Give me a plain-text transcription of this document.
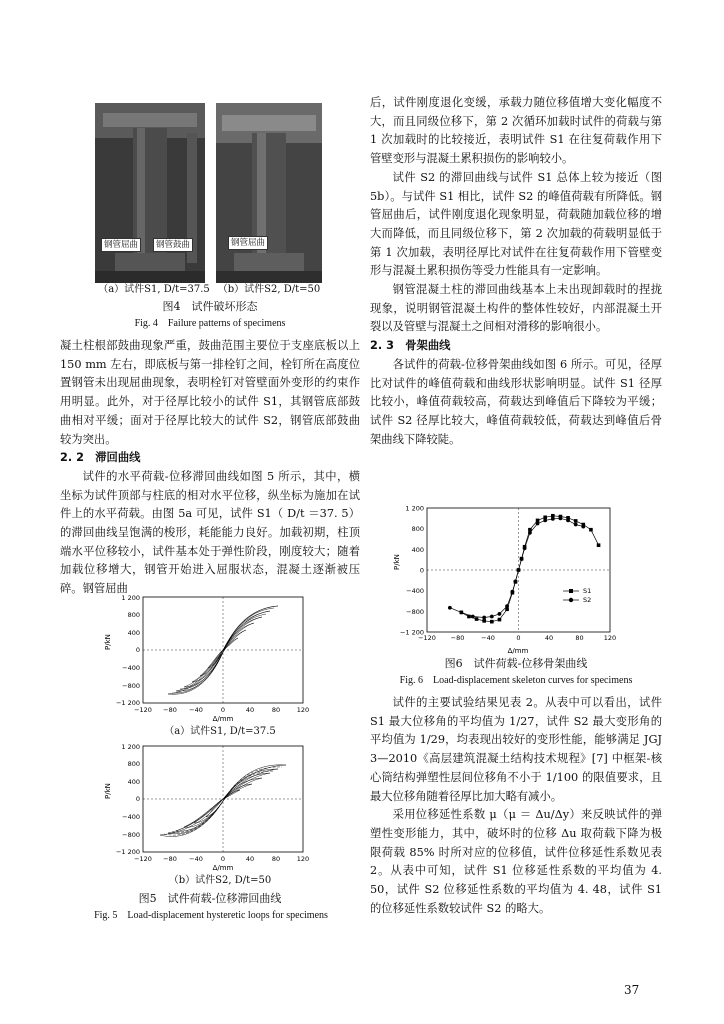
钢管屈曲	钢管鼓曲	钢管屈曲
（a）试件S1, D/t=37.5 （b）试件S2, D/t=50
图4　试件破坏形态
Fig. 4　Failure patterns of specimens

凝土柱根部鼓曲现象严重，鼓曲范围主要位于支座底板以上 150 mm 左右，即底板与第一排栓钉之间，栓钉所在高度位置钢管未出现屈曲现象，表明栓钉对管壁面外变形的约束作用明显。此外，对于径厚比较小的试件 S1，其钢管底部鼓曲相对平缓；面对于径厚比较大的试件 S2，钢管底部鼓曲较为突出。

2. 2　滞回曲线

试件的水平荷载-位移滞回曲线如图 5 所示，其中，横坐标为试件顶部与柱底的相对水平位移，纵坐标为施加在试件上的水平荷载。由图 5a 可见，试件 S1（ D/t ＝37. 5）的滞回曲线呈饱满的梭形，耗能能力良好。加载初期，柱顶端水平位移较小，试件基本处于弹性阶段，刚度较大；随着加载位移增大，钢管开始进入屈服状态，混凝土逐渐被压碎。钢管屈曲

P/kN
1 200
800
400
0
−400
−800
−1 200
−120 −80 −40	0	40	80	120
Δ/mm
（a）试件S1, D/t=37.5
P/kN
1 200
800
400
0
−400
−800
−1 200
−120 −80 −40	0	40	80	120
Δ/mm
（b）试件S2, D/t=50
图5　试件荷载-位移滞回曲线
Fig. 5　Load-displacement hysteretic loops for specimens

后，试件刚度退化变缓，承载力随位移值增大变化幅度不大，而且同级位移下，第 2 次循环加载时试件的荷载与第 1 次加载时的比较接近，表明试件 S1 在往复荷载作用下管壁变形与混凝土累积损伤的影响较小。

试件 S2 的滞回曲线与试件 S1 总体上较为接近（图 5b）。与试件 S1 相比，试件 S2 的峰值荷载有所降低。钢管屈曲后，试件刚度退化现象明显，荷载随加载位移的增大而降低，而且同级位移下，第 2 次加载的荷载明显低于第 1 次加载，表明径厚比对试件在往复荷载作用下管壁变形与混凝土累积损伤等受力性能具有一定影响。

钢管混凝土柱的滞回曲线基本上未出现卸载时的捏拢现象，说明钢管混凝土构件的整体性较好，内部混凝土开裂以及管壁与混凝土之间相对滑移的影响很小。

2. 3　骨架曲线

各试件的荷载-位移骨架曲线如图 6 所示。可见，径厚比对试件的峰值荷载和曲线形状影响明显。试件 S1 径厚比较小，峰值荷载较高，荷载达到峰值后下降较为平缓；试件 S2 径厚比较大，峰值荷载较低，荷载达到峰值后骨架曲线下降较陡。

P/kN
Δ/mm
1 200
800
400
0
−400
−800
−1 200
−120 −80	−40	0	40	80	120
S1
S2
图6　试件荷载-位移骨架曲线
Fig. 6　Load-displacement skeleton curves for specimens

试件的主要试验结果见表 2。从表中可以看出，试件 S1 最大位移角的平均值为 1/27，试件 S2 最大变形角的平均值为 1/29，均表现出较好的变形性能，能够满足 JGJ 3—2010《高层建筑混凝土结构技术规程》[7] 中框架-核心筒结构弹塑性层间位移角不小于 1/100 的限值要求，且最大位移角随着径厚比加大略有减小。

采用位移延性系数 μ（μ ＝ Δu/Δy）来反映试件的弹塑性变形能力，其中，破坏时的位移 Δu 取荷载下降为极限荷载 85% 时所对应的位移值，试件位移延性系数见表 2。从表中可知，试件 S1 位移延性系数的平均值为 4. 50，试件 S2 位移延性系数的平均值为 4. 48，试件 S1 的位移延性系数较试件 S2 的略大。

37
